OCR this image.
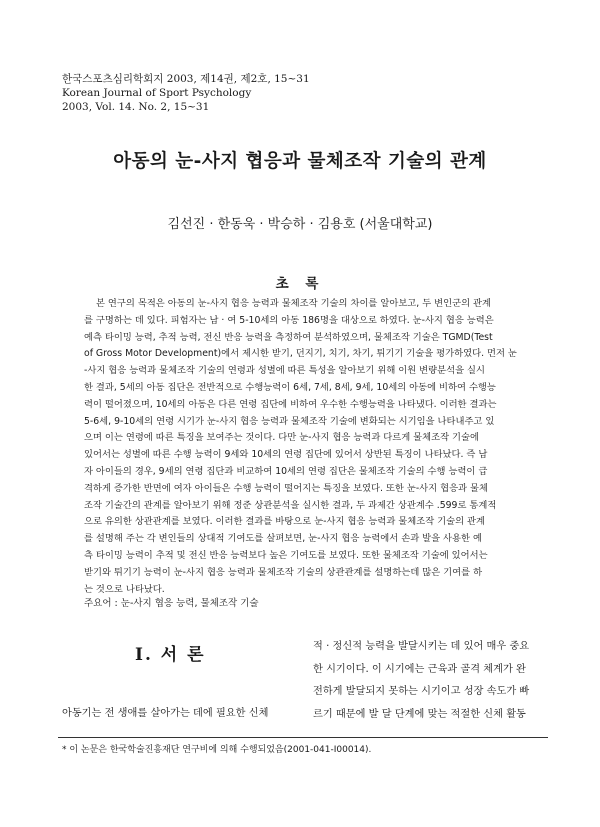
한국스포츠심리학회지 2003, 제14권, 제2호, 15~31
Korean Journal of Sport Psychology
2003, Vol. 14. No. 2, 15~31
아동의 눈-사지 협응과 물체조작 기술의 관계
김선진 · 한동욱 · 박승하 · 김용호 (서울대학교)
초 록
본 연구의 목적은 아동의 눈-사지 협응 능력과 물체조작 기술의 차이를 알아보고, 두 변인군의 관계
를 구명하는 데 있다. 피험자는 남 · 여 5-10세의 아동 186명을 대상으로 하였다. 눈-사지 협응 능력은
예측 타이밍 능력, 추적 능력, 전신 반응 능력을 측정하여 분석하였으며, 물체조작 기술은 TGMD(Test
of Gross Motor Development)에서 제시한 받기, 던지기, 치기, 차기, 튀기기 기술을 평가하였다. 먼저 눈
-사지 협응 능력과 물체조작 기술의 연령과 성별에 따른 특성을 알아보기 위해 이원 변량분석을 실시
한 결과, 5세의 아동 집단은 전반적으로 수행능력이 6세, 7세, 8세, 9세, 10세의 아동에 비하여 수행능
력이 떨어졌으며, 10세의 아동은 다른 연령 집단에 비하여 우수한 수행능력을 나타냈다. 이러한 결과는
5-6세, 9-10세의 연령 시기가 눈-사지 협응 능력과 물체조작 기술에 변화되는 시기임을 나타내주고 있
으며 이는 연령에 따른 특징을 보여주는 것이다. 다만 눈-사지 협응 능력과 다르게 물체조작 기술에
있어서는 성별에 따른 수행 능력이 9세와 10세의 연령 집단에 있어서 상반된 특징이 나타났다. 즉 남
자 아이들의 경우, 9세의 연령 집단과 비교하여 10세의 연령 집단은 물체조작 기술의 수행 능력이 급
격하게 증가한 반면에 여자 아이들은 수행 능력이 떨어지는 특징을 보였다. 또한 눈-사지 협응과 물체
조작 기술간의 관계를 알아보기 위해 정준 상관분석을 실시한 결과, 두 과제간 상관계수 .599로 통계적
으로 유의한 상관관계를 보였다. 이러한 결과를 바탕으로 눈-사지 협응 능력과 물체조작 기술의 관계
를 설명해 주는 각 변인들의 상대적 기여도를 살펴보면, 눈-사지 협응 능력에서 손과 발을 사용한 예
측 타이밍 능력이 추적 및 전신 반응 능력보다 높은 기여도를 보였다. 또한 물체조작 기술에 있어서는
받기와 튀기기 능력이 눈-사지 협응 능력과 물체조작 기술의 상관관계를 설명하는데 많은 기여를 하
는 것으로 나타났다.
주요어 : 눈-사지 협응 능력, 물체조작 기술
Ⅰ. 서 론	적 · 정신적 능력을 발달시키는 데 있어 매우 중요
한 시기이다. 이 시기에는 근육과 골격 체계가 완
전하게 발달되지 못하는 시기이고 성장 속도가 빠
르기 때문에 발 달 단계에 맞는 적절한 신체 활동
아동기는 전 생애를 살아가는 데에 필요한 신체
* 이 논문은 한국학술진흥재단 연구비에 의해 수행되었음(2001-041-I00014).
